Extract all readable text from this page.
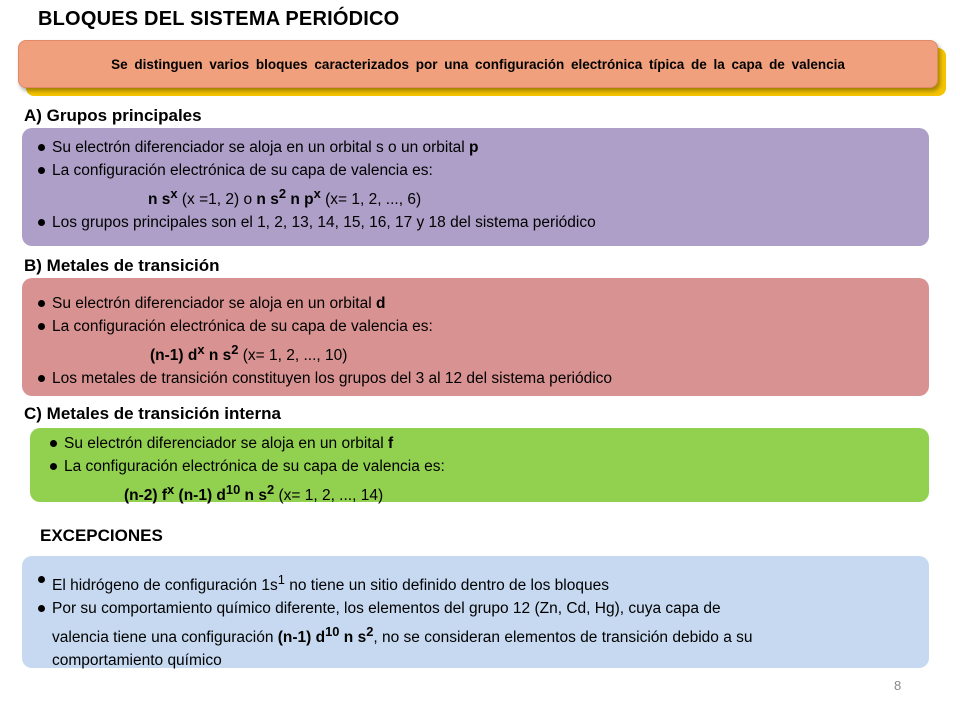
BLOQUES DEL SISTEMA PERIÓDICO
Se distinguen varios bloques caracterizados por una configuración electrónica típica de la capa de valencia
A) Grupos principales
Su electrón diferenciador se aloja en un orbital s o un orbital p
La configuración electrónica de su capa de valencia es:
n $s^x$ (x =1, 2) o n $s^2$ n $p^x$ (x= 1, 2, ..., 6)
Los grupos principales son el 1, 2, 13, 14, 15, 16, 17 y 18 del sistema periódico
B) Metales de transición
Su electrón diferenciador se aloja en un orbital d
La configuración electrónica de su capa de valencia es:
(n-1) $d^x$ n $s^2$ (x= 1, 2, ..., 10)
Los metales de transición constituyen los grupos del 3 al 12 del sistema periódico
C) Metales de transición interna
Su electrón diferenciador se aloja en un orbital f
La configuración electrónica de su capa de valencia es:
(n-2) $f^x$ (n-1) $d^{10}$ n $s^2$ (x= 1, 2, ..., 14)
EXCEPCIONES
El hidrógeno de configuración $1s^1$ no tiene un sitio definido dentro de los bloques
Por su comportamiento químico diferente, los elementos del grupo 12 (Zn, Cd, Hg), cuya capa de
valencia tiene una configuración (n-1) $d^{10}$ n $s^2$, no se consideran elementos de transición debido a su
comportamiento químico
8
